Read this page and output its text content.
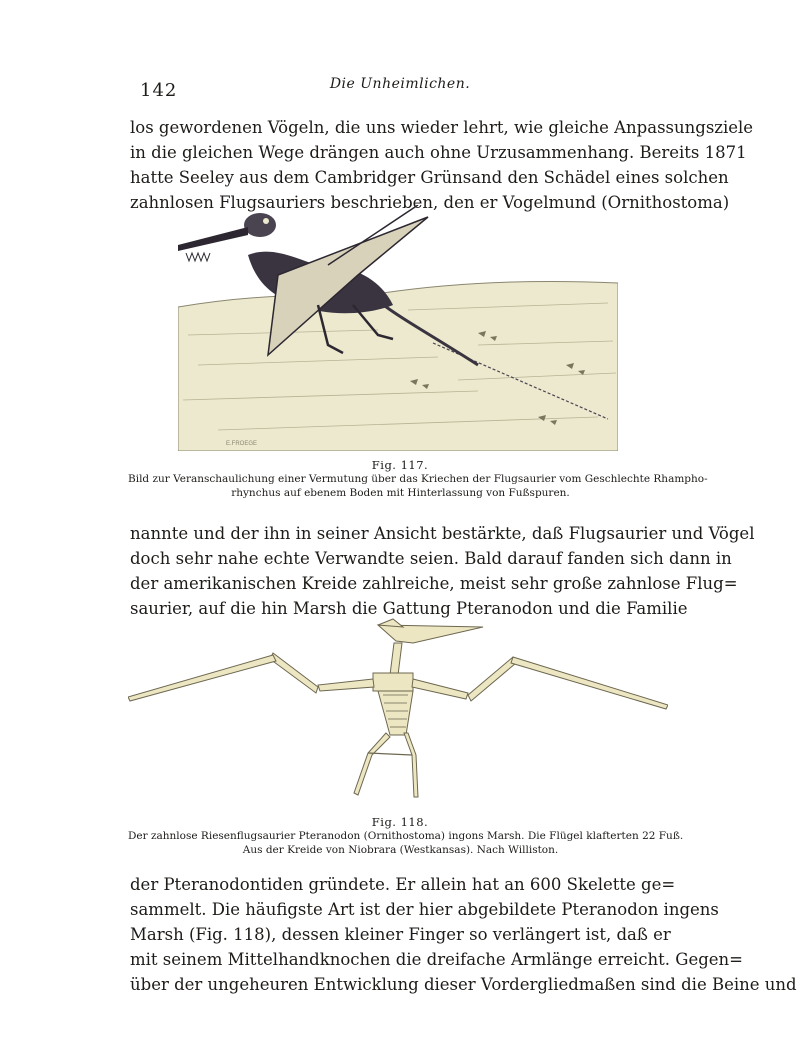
142	Die Unheimlichen.
los gewordenen Vögeln, die uns wieder lehrt, wie gleiche Anpassungsziele
in die gleichen Wege drängen auch ohne Urzusammenhang. Bereits 1871
hatte Seeley aus dem Cambridger Grünsand den Schädel eines solchen
zahnlosen Flugsauriers beschrieben, den er Vogelmund (Ornithostoma)
E.FROEGE
Fig. 117.
Bild zur Veranschaulichung einer Vermutung über das Kriechen der Flugsaurier vom Geschlechte Rhampho-
rhynchus auf ebenem Boden mit Hinterlassung von Fußspuren.
nannte und der ihn in seiner Ansicht bestärkte, daß Flugsaurier und Vögel
doch sehr nahe echte Verwandte seien. Bald darauf fanden sich dann in
der amerikanischen Kreide zahlreiche, meist sehr große zahnlose Flug=
saurier, auf die hin Marsh die Gattung Pteranodon und die Familie
Fig. 118.
Der zahnlose Riesenflugsaurier Pteranodon (Ornithostoma) ingons Marsh. Die Flügel klafterten 22 Fuß.
Aus der Kreide von Niobrara (Westkansas). Nach Williston.
der Pteranodontiden gründete. Er allein hat an 600 Skelette ge=
sammelt. Die häufigste Art ist der hier abgebildete Pteranodon ingens
Marsh (Fig. 118), dessen kleiner Finger so verlängert ist, daß er
mit seinem Mittelhandknochen die dreifache Armlänge erreicht. Gegen=
über der ungeheuren Entwicklung dieser Vordergliedmaßen sind die Beine und
